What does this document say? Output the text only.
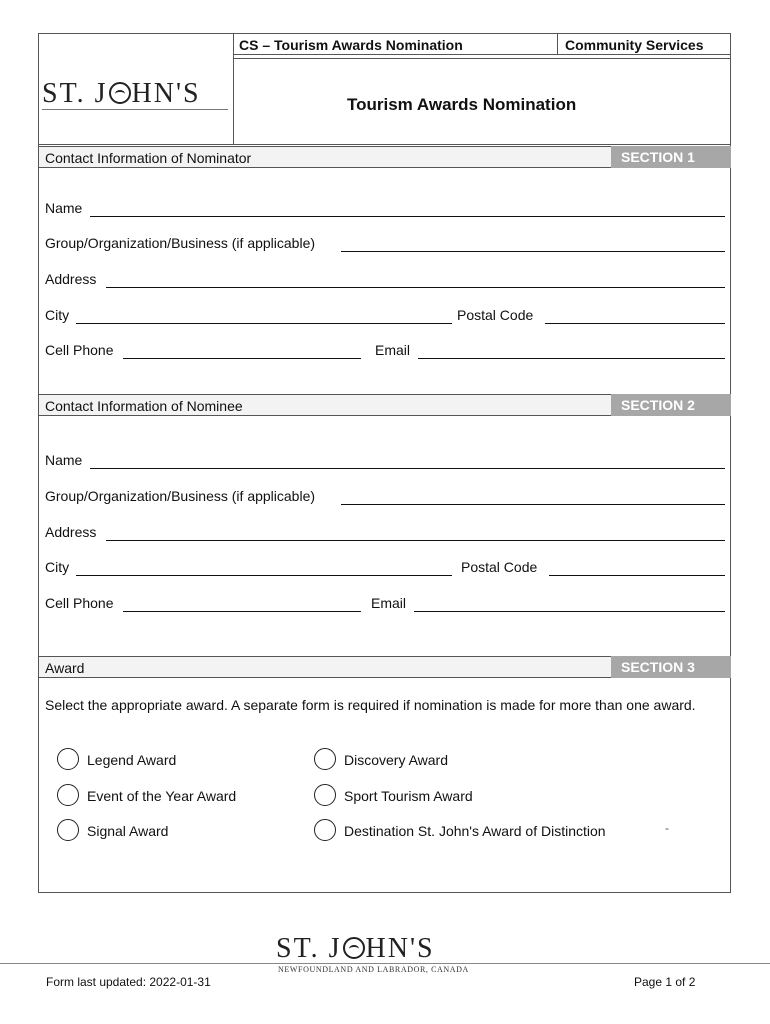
ST. J HN'S
CS – Tourism Awards Nomination	Community Services
Tourism Awards Nomination
Contact Information of Nominator	SECTION 1
Name
Group/Organization/Business (if applicable)
Address
City	Postal Code
Cell Phone	Email
Contact Information of Nominee	SECTION 2
Name
Group/Organization/Business (if applicable)
Address
City	Postal Code
Cell Phone	Email
Award	SECTION 3
Select the appropriate award. A separate form is required if nomination is made for more than one award.
Legend Award
Event of the Year Award
Signal Award
Discovery Award
Sport Tourism Award
Destination St. John's Award of Distinction	-
ST. J HN'S
NEWFOUNDLAND AND LABRADOR, CANADA
Form last updated: 2022-01-31	Page 1 of 2
